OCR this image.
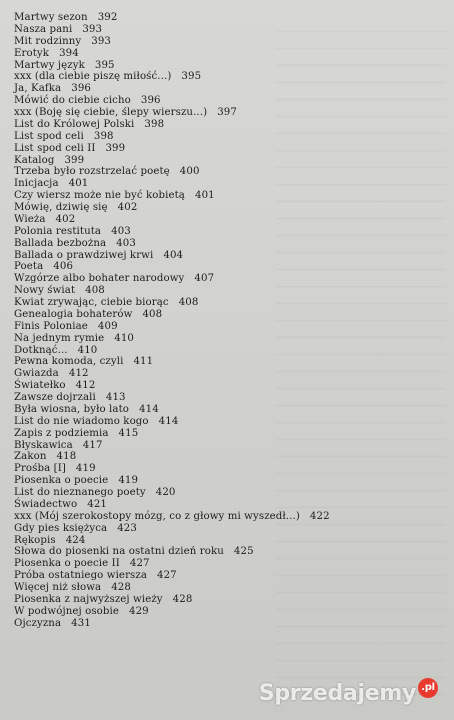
Martwy sezon 392
Nasza pani 393
Mit rodzinny 393
Erotyk 394
Martwy język 395
xxx (dla ciebie piszę miłość...) 395
Ja, Kafka 396
Mówić do ciebie cicho 396
xxx (Boję się ciebie, ślepy wierszu...) 397
List do Królowej Polski 398
List spod celi 398
List spod celi II 399
Katalog 399
Trzeba było rozstrzelać poetę 400
Inicjacja 401
Czy wiersz może nie być kobietą 401
Mówię, dziwię się 402
Wieża 402
Polonia restituta 403
Ballada bezbożna 403
Ballada o prawdziwej krwi 404
Poeta 406
Wzgórze albo bohater narodowy 407
Nowy świat 408
Kwiat zrywając, ciebie biorąc 408
Genealogia bohaterów 408
Finis Poloniae 409
Na jednym rymie 410
Dotknąć... 410
Pewna komoda, czyli 411
Gwiazda 412
Światełko 412
Zawsze dojrzali 413
Była wiosna, było lato 414
List do nie wiadomo kogo 414
Zapis z podziemia 415
Błyskawica 417
Zakon 418
Prośba [I] 419
Piosenka o poecie 419
List do nieznanego poety 420
Świadectwo 421
xxx (Mój szerokostopy mózg, co z głowy mi wyszedł...) 422
Gdy pies księżyca 423
Rękopis 424
Słowa do piosenki na ostatni dzień roku 425
Piosenka o poecie II 427
Próba ostatniego wiersza 427
Więcej niż słowa 428
Piosenka z najwyższej wieży 428
W podwójnej osobie 429
Ojczyzna 431
Sprzedajemy .pl
